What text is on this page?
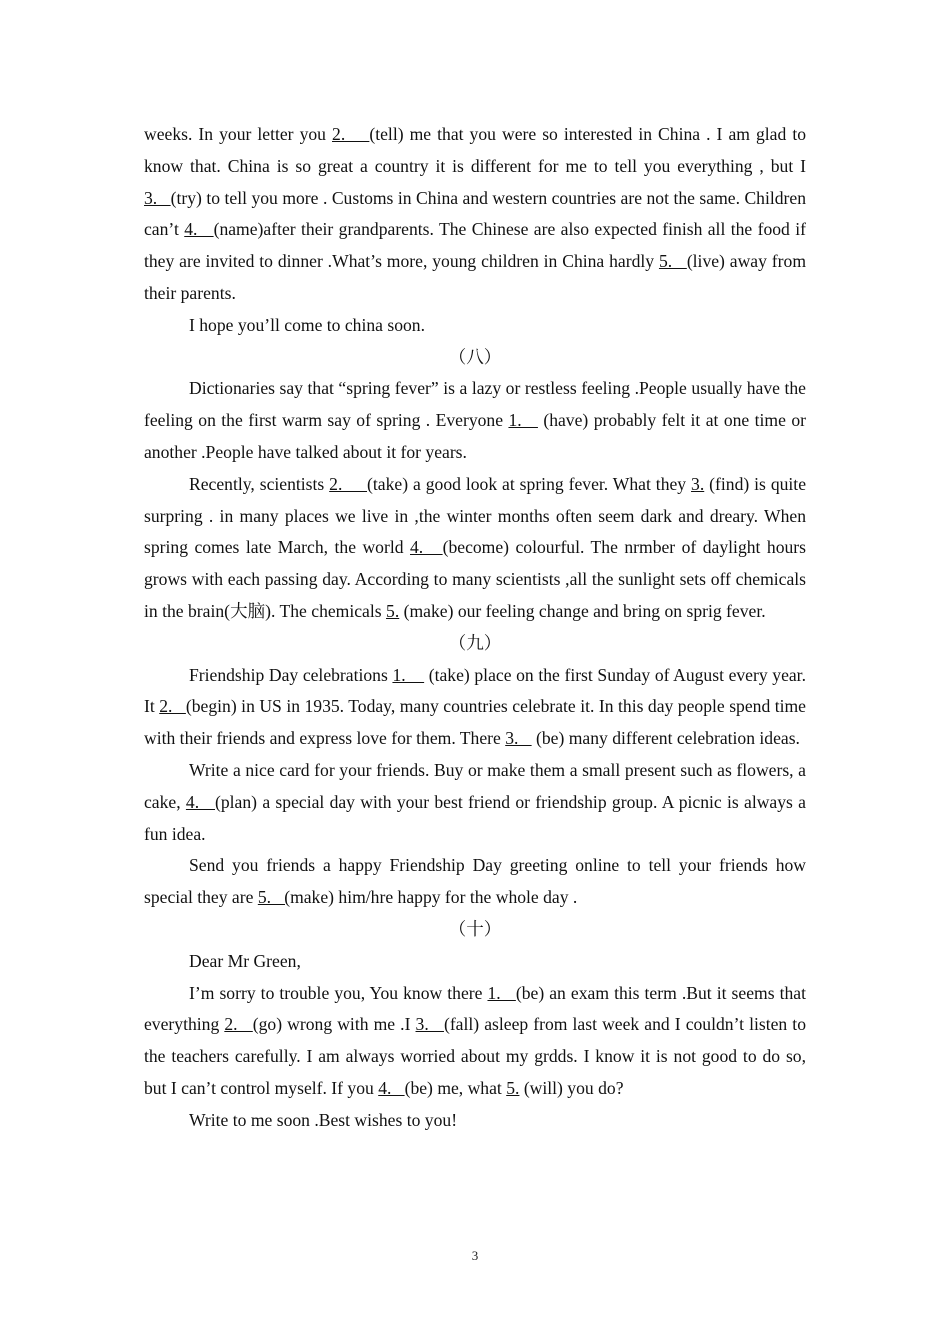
weeks. In your letter you 2.    (tell) me that you were so interested in China . I am glad to know that. China is so great a country it is different for me to tell you everything , but I 3.   (try) to tell you more . Customs in China and western countries are not the same. Children can’t 4.   (name)after their grandparents. The Chinese are also expected finish all the food if they are invited to dinner .What’s more, young children in China hardly 5.   (live) away from their parents.

I hope you’ll come to china soon.

（八）

Dictionaries say that “spring fever” is a lazy or restless feeling .People usually have the feeling on the first warm say of spring . Everyone 1.    (have) probably felt it at one time or another .People have talked about it for years.

Recently, scientists 2.     (take) a good look at spring fever. What they 3. (find) is quite surpring . in many places we live in ,the winter months often seem dark and dreary. When spring comes late March, the world 4.   (become) colourful. The nrmber of daylight hours grows with each passing day. According to many scientists ,all the sunlight sets off chemicals in the brain(大脑). The chemicals 5. (make) our feeling change and bring on sprig fever.

（九）

Friendship Day celebrations 1.     (take) place on the first Sunday of August every year. It 2.   (begin) in US in 1935. Today, many countries celebrate it. In this day people spend time with their friends and express love for them. There 3.    (be) many different celebration ideas.

Write a nice card for your friends. Buy or make them a small present such as flowers, a cake, 4.   (plan) a special day with your best friend or friendship group. A picnic is always a fun idea.

Send you friends a happy Friendship Day greeting online to tell your friends how special they are 5.   (make) him/hre happy for the whole day .

（十）

Dear Mr Green,

I’m sorry to trouble you, You know there 1.   (be) an exam this term .But it seems that everything 2.   (go) wrong with me .I 3.   (fall) asleep from last week and I couldn’t listen to the teachers carefully. I am always worried about my grdds. I know it is not good to do so, but I can’t control myself. If you 4.   (be) me, what 5. (will) you do?

Write to me soon .Best wishes to you!

3
